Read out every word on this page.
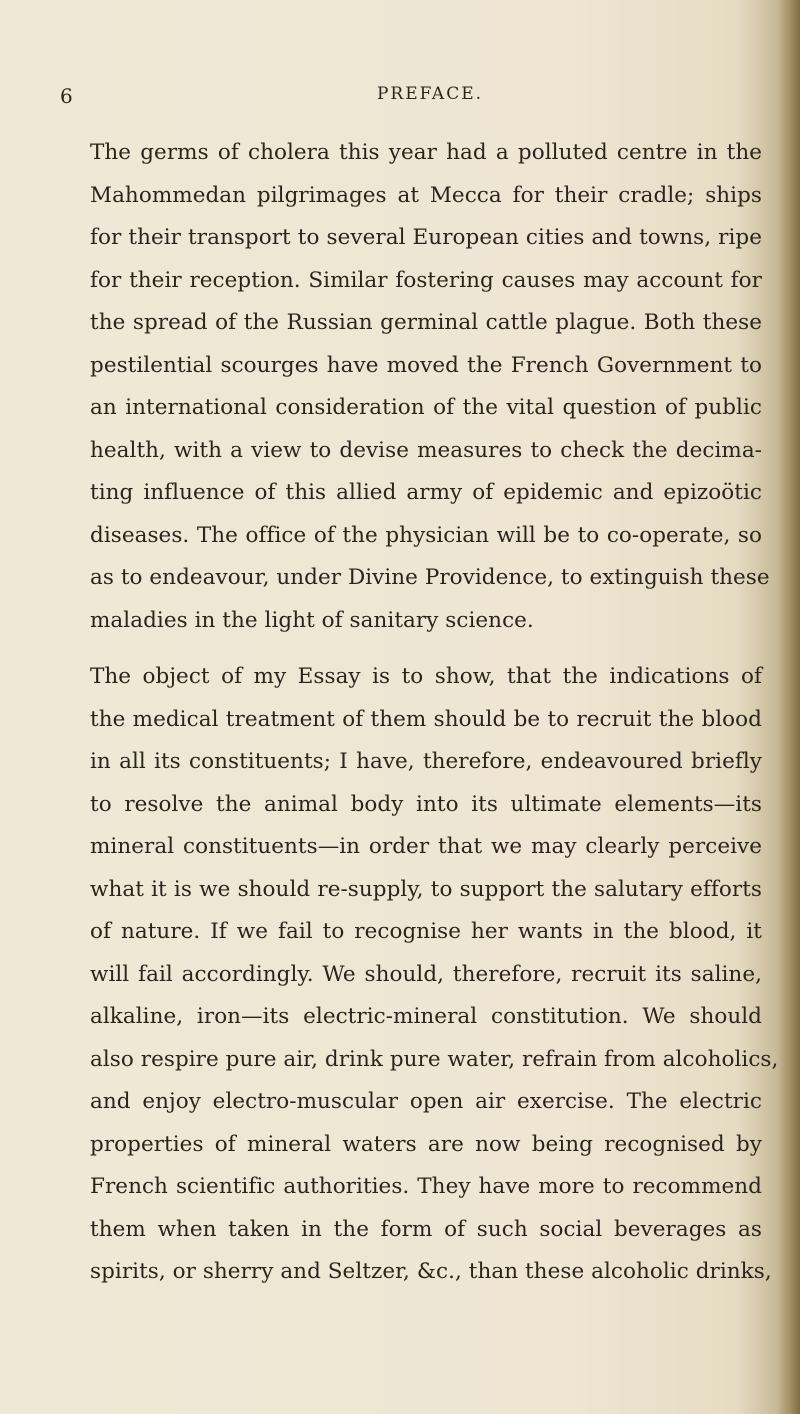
6	PREFACE.
The germs of cholera this year had a polluted centre in the
Mahommedan pilgrimages at Mecca for their cradle; ships
for their transport to several European cities and towns, ripe
for their reception. Similar fostering causes may account for
the spread of the Russian germinal cattle plague. Both these
pestilential scourges have moved the French Government to
an international consideration of the vital question of public
health, with a view to devise measures to check the decima-
ting influence of this allied army of epidemic and epizoötic
diseases. The office of the physician will be to co-operate, so
as to endeavour, under Divine Providence, to extinguish these
maladies in the light of sanitary science.
The object of my Essay is to show, that the indications of
the medical treatment of them should be to recruit the blood
in all its constituents; I have, therefore, endeavoured briefly
to resolve the animal body into its ultimate elements—its
mineral constituents—in order that we may clearly perceive
what it is we should re-supply, to support the salutary efforts
of nature. If we fail to recognise her wants in the blood, it
will fail accordingly. We should, therefore, recruit its saline,
alkaline, iron—its electric-mineral constitution. We should
also respire pure air, drink pure water, refrain from alcoholics,
and enjoy electro-muscular open air exercise. The electric
properties of mineral waters are now being recognised by
French scientific authorities. They have more to recommend
them when taken in the form of such social beverages as
spirits, or sherry and Seltzer, &c., than these alcoholic drinks,
